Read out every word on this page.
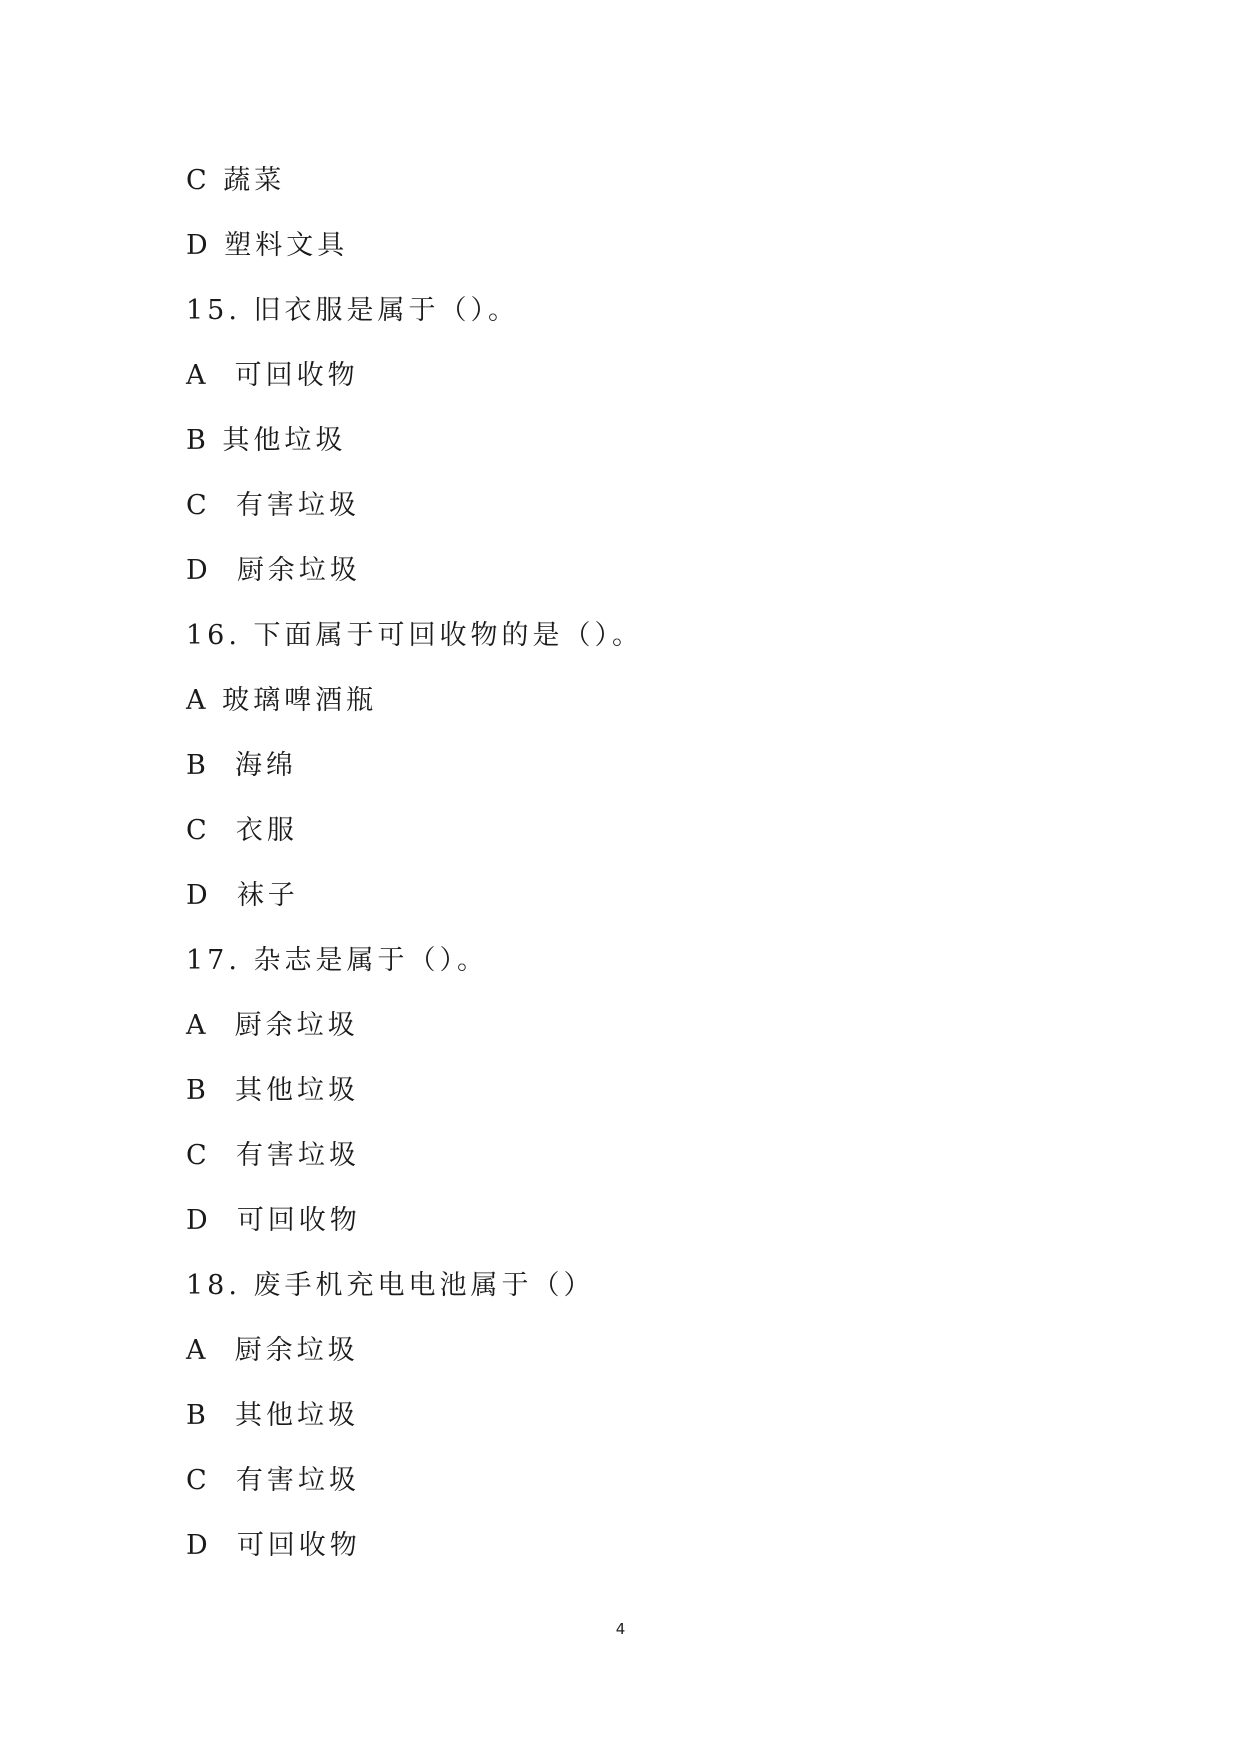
C 蔬菜
D 塑料文具
15. 旧衣服是属于（）。
A  可回收物
B 其他垃圾
C  有害垃圾
D  厨余垃圾
16. 下面属于可回收物的是（）。
A 玻璃啤酒瓶
B  海绵
C  衣服
D  袜子
17. 杂志是属于（）。
A  厨余垃圾
B  其他垃圾
C  有害垃圾
D  可回收物
18. 废手机充电电池属于（）
A  厨余垃圾
B  其他垃圾
C  有害垃圾
D  可回收物
4
